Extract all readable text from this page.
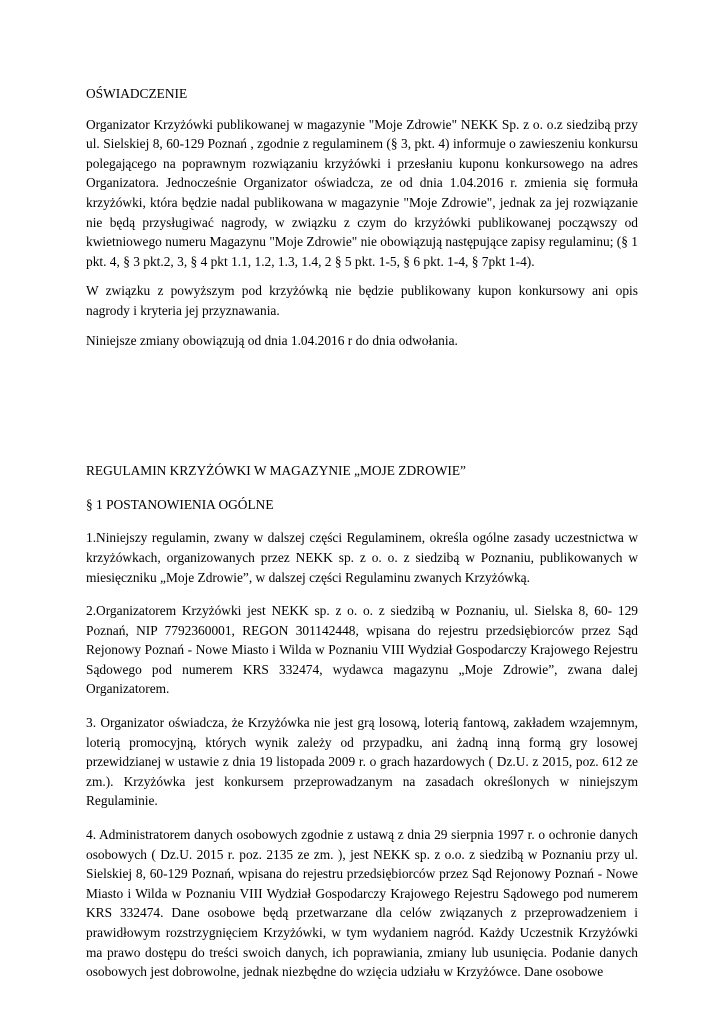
OŚWIADCZENIE

Organizator Krzyżówki publikowanej w magazynie "Moje Zdrowie" NEKK Sp. z o. o.z siedzibą przy ul. Sielskiej 8, 60-129 Poznań , zgodnie z regulaminem (§ 3, pkt. 4) informuje o zawieszeniu konkursu polegającego na poprawnym rozwiązaniu krzyżówki i przesłaniu kuponu konkursowego na adres Organizatora. Jednocześnie Organizator oświadcza, ze od dnia 1.04.2016 r. zmienia się formuła krzyżówki, która będzie nadal publikowana w magazynie "Moje Zdrowie", jednak za jej rozwiązanie nie będą przysługiwać nagrody, w związku z czym do krzyżówki publikowanej począwszy od kwietniowego numeru Magazynu "Moje Zdrowie" nie obowiązują następujące zapisy regulaminu; (§ 1 pkt. 4, § 3 pkt.2, 3, § 4 pkt 1.1, 1.2, 1.3, 1.4, 2 § 5 pkt. 1-5, § 6 pkt. 1-4, § 7pkt 1-4).

W związku z powyższym pod krzyżówką nie będzie publikowany kupon konkursowy ani opis nagrody i kryteria jej przyznawania.

Niniejsze zmiany obowiązują od dnia 1.04.2016 r do dnia odwołania.

REGULAMIN KRZYŻÓWKI W MAGAZYNIE „MOJE ZDROWIE”

§ 1 POSTANOWIENIA OGÓLNE

1.Niniejszy regulamin, zwany w dalszej części Regulaminem, określa ogólne zasady uczestnictwa w krzyżówkach, organizowanych przez NEKK sp. z o. o. z siedzibą w Poznaniu, publikowanych w miesięczniku „Moje Zdrowie”, w dalszej części Regulaminu zwanych Krzyżówką.

2.Organizatorem Krzyżówki jest NEKK sp. z o. o. z siedzibą w Poznaniu, ul. Sielska 8, 60- 129 Poznań, NIP 7792360001, REGON 301142448, wpisana do rejestru przedsiębiorców przez Sąd Rejonowy Poznań - Nowe Miasto i Wilda w Poznaniu VIII Wydział Gospodarczy Krajowego Rejestru Sądowego pod numerem KRS 332474, wydawca magazynu „Moje Zdrowie”, zwana dalej Organizatorem.

3. Organizator oświadcza, że Krzyżówka nie jest grą losową, loterią fantową, zakładem wzajemnym, loterią promocyjną, których wynik zależy od przypadku, ani żadną inną formą gry losowej przewidzianej w ustawie z dnia 19 listopada 2009 r. o grach hazardowych ( Dz.U. z 2015, poz. 612 ze zm.). Krzyżówka jest konkursem przeprowadzanym na zasadach określonych w niniejszym Regulaminie.

4. Administratorem danych osobowych zgodnie z ustawą z dnia 29 sierpnia 1997 r. o ochronie danych osobowych ( Dz.U. 2015 r. poz. 2135 ze zm. ), jest NEKK sp. z o.o. z siedzibą w Poznaniu przy ul. Sielskiej 8, 60-129 Poznań, wpisana do rejestru przedsiębiorców przez Sąd Rejonowy Poznań - Nowe Miasto i Wilda w Poznaniu VIII Wydział Gospodarczy Krajowego Rejestru Sądowego pod numerem KRS 332474. Dane osobowe będą przetwarzane dla celów związanych z przeprowadzeniem i prawidłowym rozstrzygnięciem Krzyżówki, w tym wydaniem nagród. Każdy Uczestnik Krzyżówki ma prawo dostępu do treści swoich danych, ich poprawiania, zmiany lub usunięcia. Podanie danych osobowych jest dobrowolne, jednak niezbędne do wzięcia udziału w Krzyżówce. Dane osobowe
